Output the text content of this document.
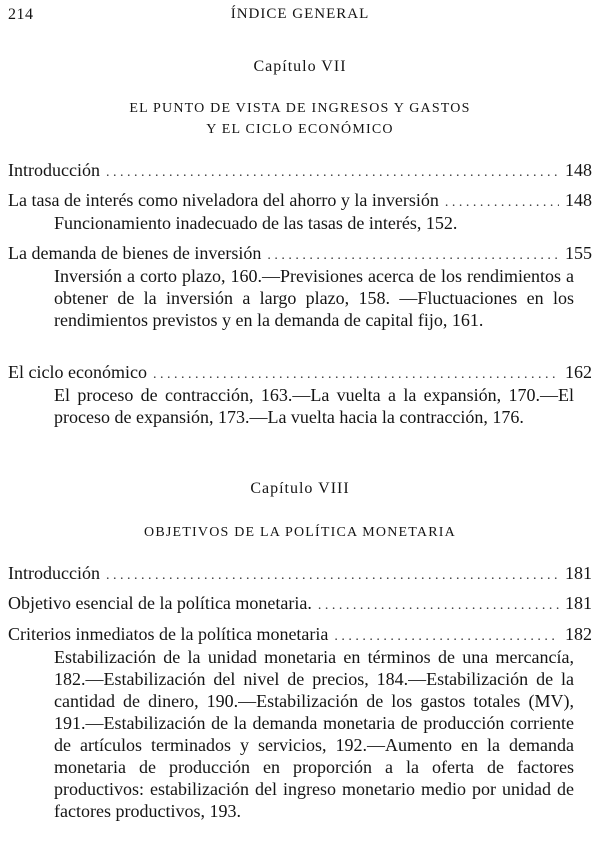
214	ÍNDICE GENERAL
Capítulo VII
EL PUNTO DE VISTA DE INGRESOS Y GASTOS
Y EL CICLO ECONÓMICO
Introducción . . .	148
La tasa de interés como niveladora del ahorro y la inversión . . .	148
Funcionamiento inadecuado de las tasas de interés, 152.
La demanda de bienes de inversión . . .	155
Inversión a corto plazo, 160.—Previsiones acerca de los rendimientos a obtener de la inversión a largo plazo, 158. —Fluctuaciones en los rendimientos previstos y en la demanda de capital fijo, 161.
El ciclo económico . . .	162
El proceso de contracción, 163.—La vuelta a la expansión, 170.—El proceso de expansión, 173.—La vuelta hacia la contracción, 176.
Capítulo VIII
OBJETIVOS DE LA POLÍTICA MONETARIA
Introducción . . .	181
Objetivo esencial de la política monetaria. . . .	181
Criterios inmediatos de la política monetaria . . .	182
Estabilización de la unidad monetaria en términos de una mercancía, 182.—Estabilización del nivel de precios, 184.—Estabilización de la cantidad de dinero, 190.—Estabilización de los gastos totales (MV), 191.—Estabilización de la demanda monetaria de producción corriente de artículos terminados y servicios, 192.—Aumento en la demanda monetaria de producción en proporción a la oferta de factores productivos: estabilización del ingreso monetario medio por unidad de factores productivos, 193.
